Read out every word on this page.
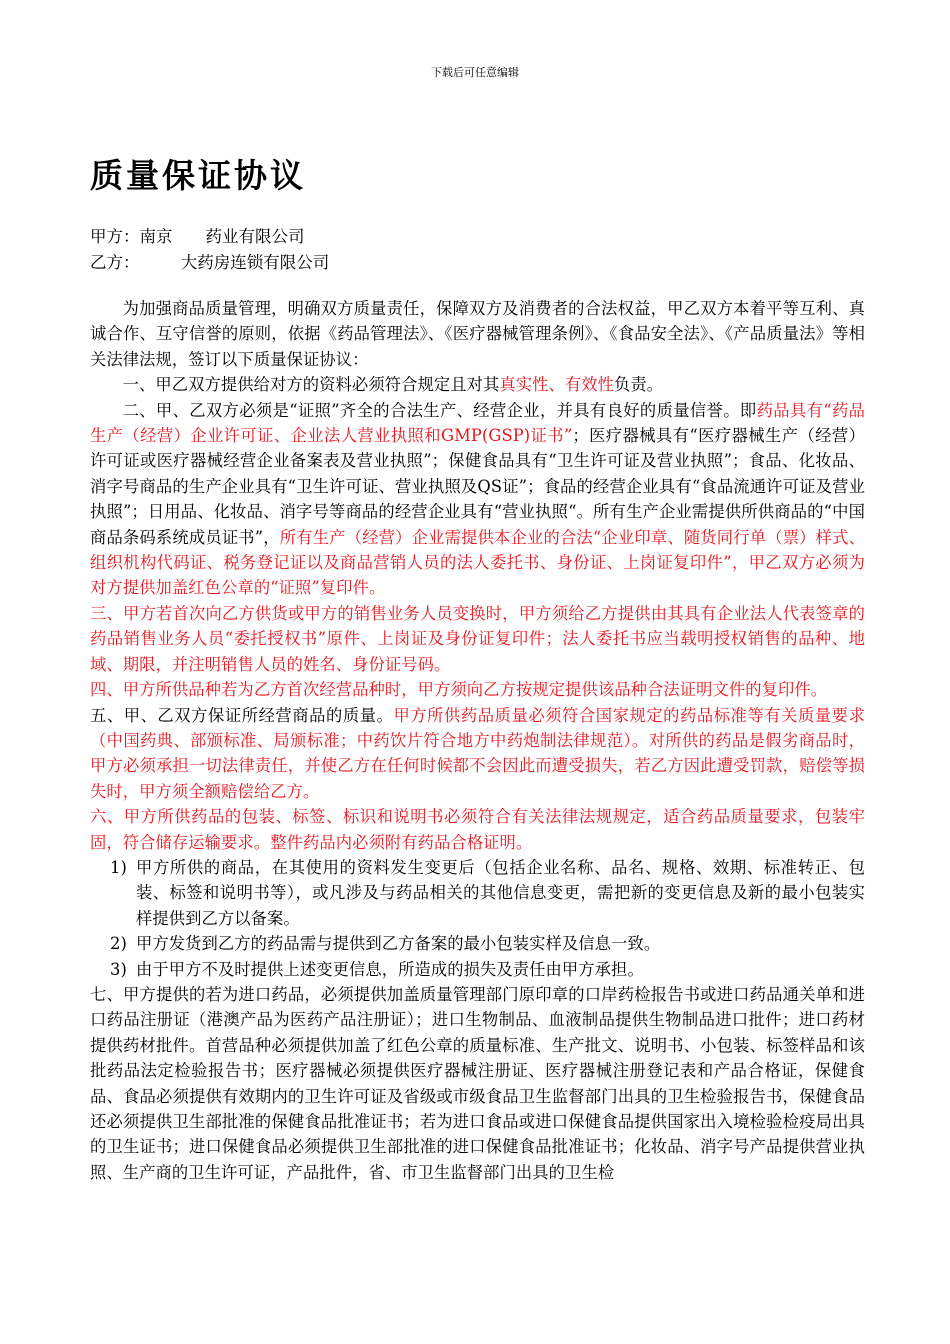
下载后可任意编辑
质量保证协议
甲方：南京　　药业有限公司
乙方：　　　大药房连锁有限公司

为加强商品质量管理，明确双方质量责任，保障双方及消费者的合法权益，甲乙双方本着平等互利、真诚合作、互守信誉的原则，依据《药品管理法》、《医疗器械管理条例》、《食品安全法》、《产品质量法》等相关法律法规，签订以下质量保证协议：

一、甲乙双方提供给对方的资料必须符合规定且对其真实性、有效性负责。

二、甲、乙双方必须是“证照”齐全的合法生产、经营企业，并具有良好的质量信誉。即药品具有“药品生产（经营）企业许可证、企业法人营业执照和GMP(GSP)证书”；医疗器械具有“医疗器械生产（经营）许可证或医疗器械经营企业备案表及营业执照”；保健食品具有“卫生许可证及营业执照”；食品、化妆品、消字号商品的生产企业具有“卫生许可证、营业执照及QS证”；食品的经营企业具有“食品流通许可证及营业执照”；日用品、化妆品、消字号等商品的经营企业具有“营业执照“。所有生产企业需提供所供商品的“中国商品条码系统成员证书”，所有生产（经营）企业需提供本企业的合法“企业印章、随货同行单（票）样式、组织机构代码证、税务登记证以及商品营销人员的法人委托书、身份证、上岗证复印件”，甲乙双方必须为对方提供加盖红色公章的“证照”复印件。

三、甲方若首次向乙方供货或甲方的销售业务人员变换时，甲方须给乙方提供由其具有企业法人代表签章的药品销售业务人员“委托授权书”原件、上岗证及身份证复印件；法人委托书应当载明授权销售的品种、地域、期限，并注明销售人员的姓名、身份证号码。

四、甲方所供品种若为乙方首次经营品种时，甲方须向乙方按规定提供该品种合法证明文件的复印件。

五、甲、乙双方保证所经营商品的质量。甲方所供药品质量必须符合国家规定的药品标准等有关质量要求（中国药典、部颁标准、局颁标准；中药饮片符合地方中药炮制法律规范）。对所供的药品是假劣商品时，甲方必须承担一切法律责任，并使乙方在任何时候都不会因此而遭受损失，若乙方因此遭受罚款，赔偿等损失时，甲方须全额赔偿给乙方。

六、甲方所供药品的包装、标签、标识和说明书必须符合有关法律法规规定，适合药品质量要求，包装牢固，符合储存运输要求。整件药品内必须附有药品合格证明。

1) 甲方所供的商品，在其使用的资料发生变更后（包括企业名称、品名、规格、效期、标准转正、包装、标签和说明书等），或凡涉及与药品相关的其他信息变更，需把新的变更信息及新的最小包装实样提供到乙方以备案。
2) 甲方发货到乙方的药品需与提供到乙方备案的最小包装实样及信息一致。
3) 由于甲方不及时提供上述变更信息，所造成的损失及责任由甲方承担。

七、甲方提供的若为进口药品，必须提供加盖质量管理部门原印章的口岸药检报告书或进口药品通关单和进口药品注册证（港澳产品为医药产品注册证）；进口生物制品、血液制品提供生物制品进口批件；进口药材提供药材批件。首营品种必须提供加盖了红色公章的质量标准、生产批文、说明书、小包装、标签样品和该批药品法定检验报告书；医疗器械必须提供医疗器械注册证、医疗器械注册登记表和产品合格证，保健食品、食品必须提供有效期内的卫生许可证及省级或市级食品卫生监督部门出具的卫生检验报告书，保健食品还必须提供卫生部批准的保健食品批准证书；若为进口食品或进口保健食品提供国家出入境检验检疫局出具的卫生证书；进口保健食品必须提供卫生部批准的进口保健食品批准证书；化妆品、消字号产品提供营业执照、生产商的卫生许可证，产品批件，省、市卫生监督部门出具的卫生检
